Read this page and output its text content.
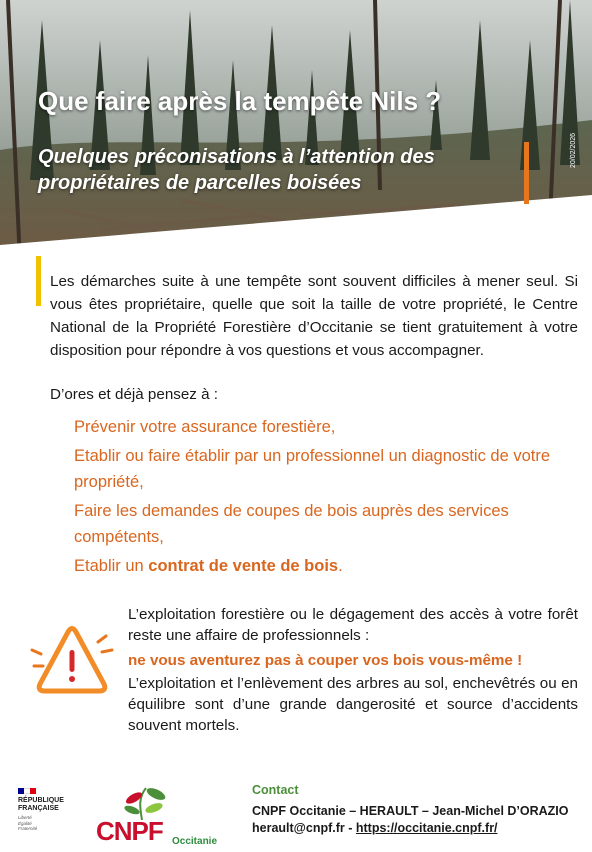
Que faire après la tempête Nils ?
Quelques préconisations à l’attention des propriétaires de parcelles boisées
20/02/2026

Les démarches suite à une tempête sont souvent difficiles à mener seul. Si vous êtes propriétaire, quelle que soit la taille de votre propriété, le Centre National de la Propriété Forestière d’Occitanie se tient gratuitement à votre disposition pour répondre à vos questions et vous accompagner.

D’ores et déjà pensez à :
Prévenir votre assurance forestière,
Etablir ou faire établir par un professionnel un diagnostic de votre propriété,
Faire les demandes de coupes de bois auprès des services compétents,
Etablir un contrat de vente de bois.
L’exploitation forestière ou le dégagement des accès à votre forêt reste une affaire de professionnels :
ne vous aventurez pas à couper vos bois vous-même !
L’exploitation et l’enlèvement des arbres au sol, enchevêtrés ou en équilibre sont d’une grande dangerosité et source d’accidents souvent mortels.
RÉPUBLIQUE
FRANÇAISE
Liberté
Égalité
Fraternité	CNPF Occitanie
Contact
CNPF Occitanie – HERAULT – Jean-Michel D’ORAZIO
herault@cnpf.fr - https://occitanie.cnpf.fr/
